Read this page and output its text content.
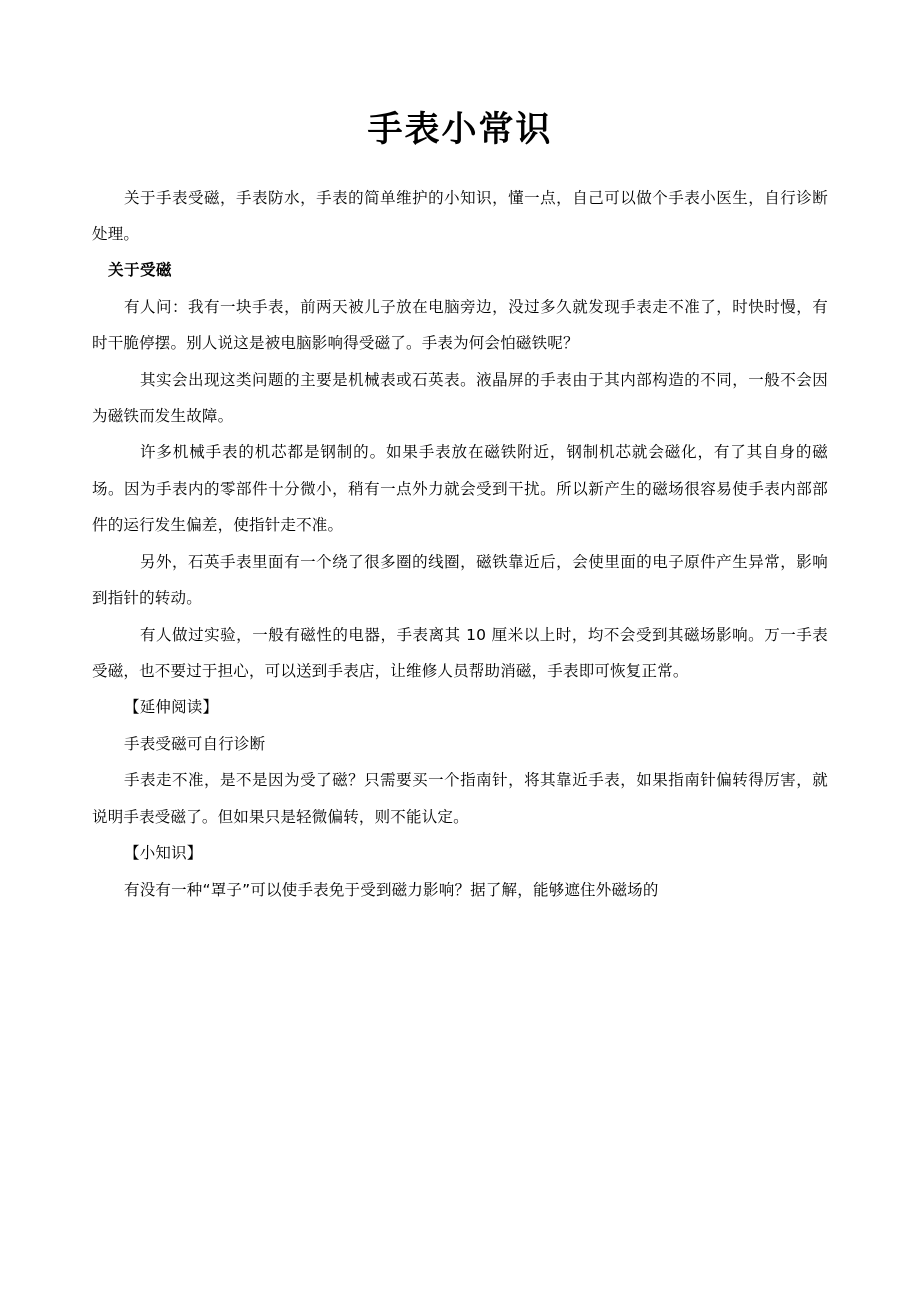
手表小常识

关于手表受磁，手表防水，手表的简单维护的小知识，懂一点，自己可以做个手表小医生，自行诊断处理。

关于受磁

有人问：我有一块手表，前两天被儿子放在电脑旁边，没过多久就发现手表走不准了，时快时慢，有时干脆停摆。别人说这是被电脑影响得受磁了。手表为何会怕磁铁呢？

其实会出现这类问题的主要是机械表或石英表。液晶屏的手表由于其内部构造的不同，一般不会因为磁铁而发生故障。

许多机械手表的机芯都是钢制的。如果手表放在磁铁附近，钢制机芯就会磁化，有了其自身的磁场。因为手表内的零部件十分微小，稍有一点外力就会受到干扰。所以新产生的磁场很容易使手表内部部件的运行发生偏差，使指针走不准。

另外，石英手表里面有一个绕了很多圈的线圈，磁铁靠近后，会使里面的电子原件产生异常，影响到指针的转动。

有人做过实验，一般有磁性的电器，手表离其 10 厘米以上时，均不会受到其磁场影响。万一手表受磁，也不要过于担心，可以送到手表店，让维修人员帮助消磁，手表即可恢复正常。

【延伸阅读】

手表受磁可自行诊断

手表走不准，是不是因为受了磁？只需要买一个指南针，将其靠近手表，如果指南针偏转得厉害，就说明手表受磁了。但如果只是轻微偏转，则不能认定。

【小知识】

有没有一种“罩子”可以使手表免于受到磁力影响？据了解，能够遮住外磁场的
